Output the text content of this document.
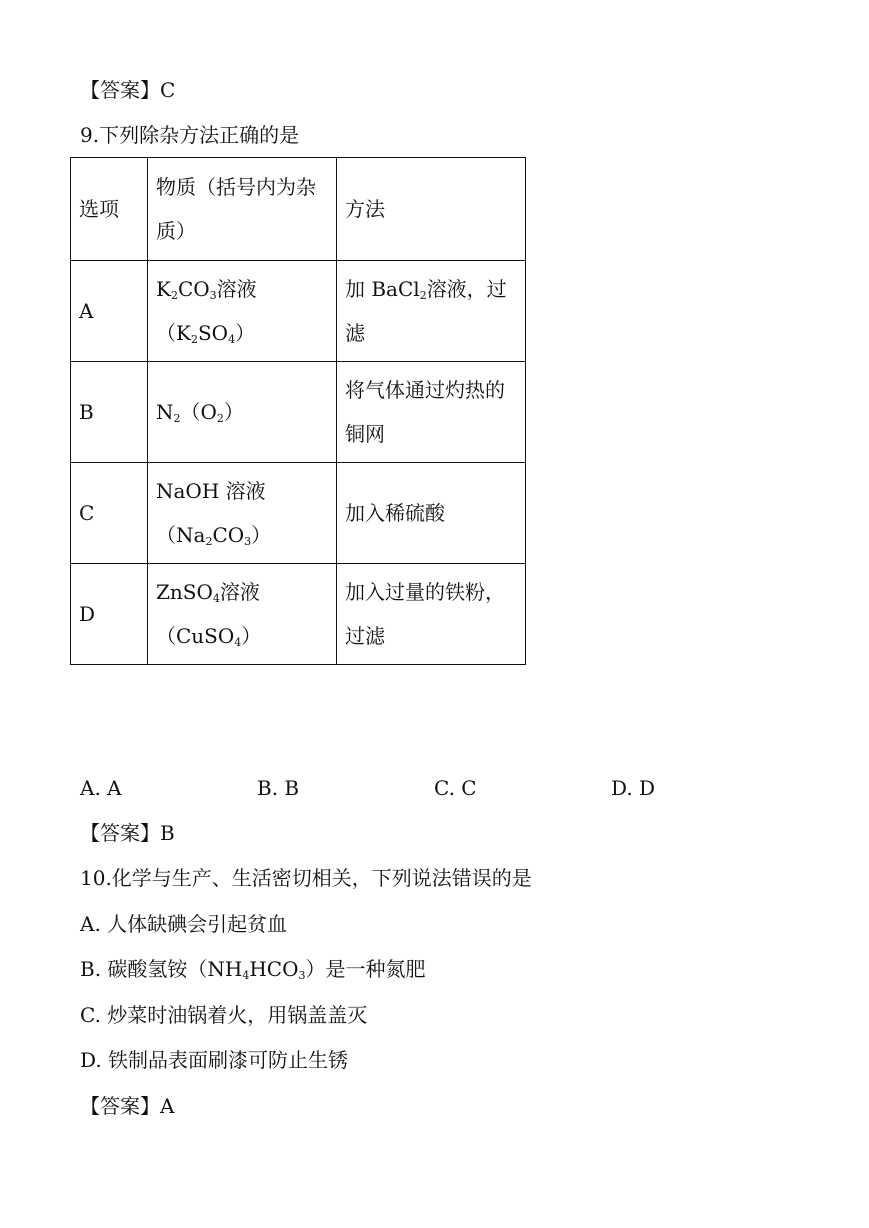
【答案】C
9.下列除杂方法正确的是
选项	物质（括号内为杂质）	方法
A	$K_2CO_3$溶液$(K_2SO_4)$	加 BaCl$_2$溶液，过滤
B	$N_2(O_2)$	将气体通过灼热的铜网
C	NaOH 溶液$(Na_2CO_3)$	加入稀硫酸
D	ZnSO$_4$溶液（CuSO$_4$）	加入过量的铁粉，过滤
A. A	B. B	C. C	D. D
【答案】B
10.化学与生产、生活密切相关，下列说法错误的是
A. 人体缺碘会引起贫血
B. 碳酸氢铵$(NH_4HCO_3)$是一种氮肥
C. 炒菜时油锅着火，用锅盖盖灭
D. 铁制品表面刷漆可防止生锈
【答案】A
